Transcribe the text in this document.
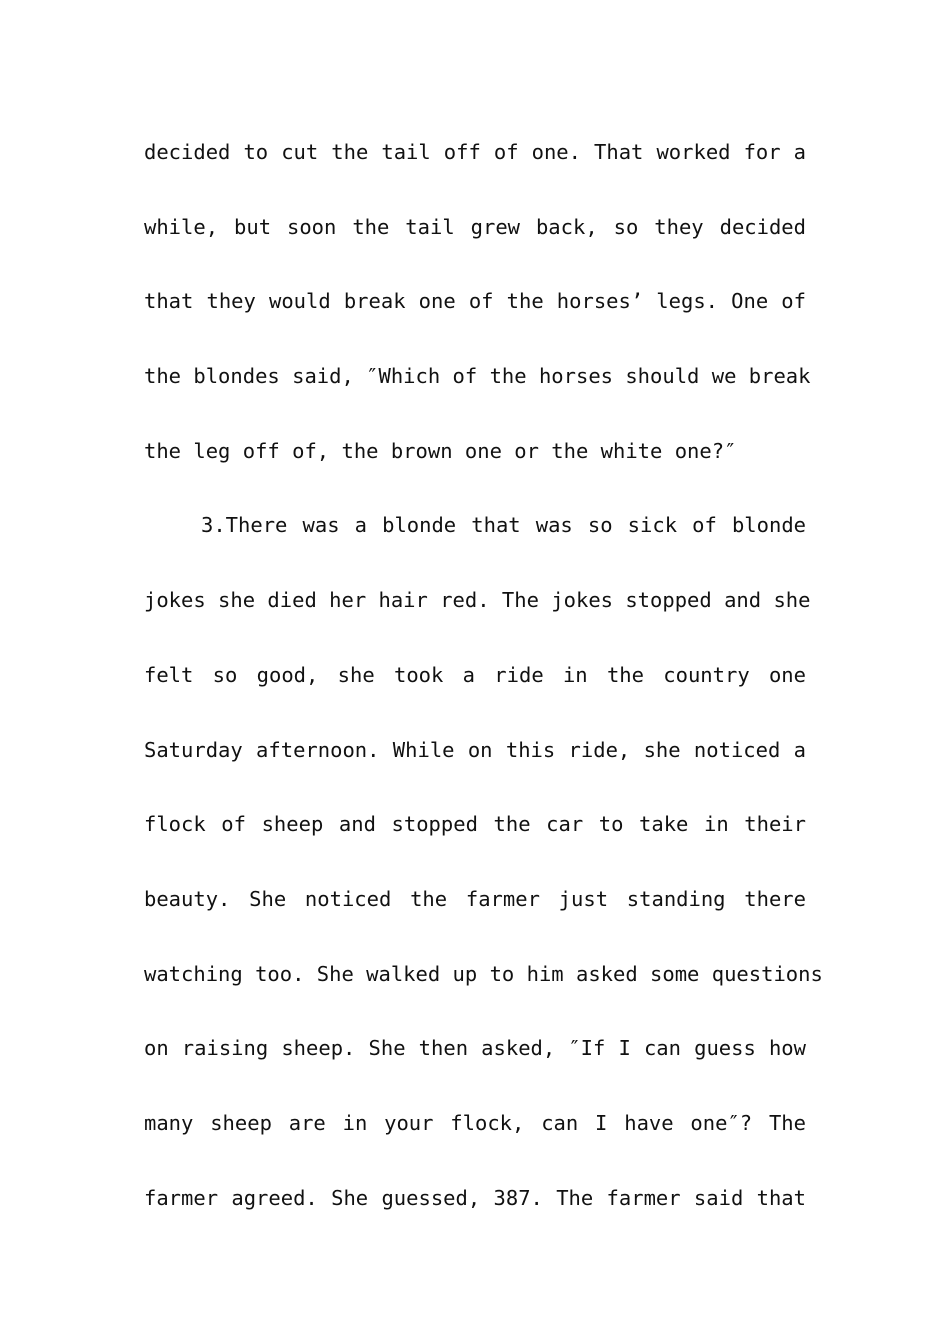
decided to cut the tail off of one. That worked for a
while, but soon the tail grew back, so they decided
that they would break one of the horses’ legs. One of
the blondes said, ″Which of the horses should we break
the leg off of, the brown one or the white one?″
3.There was a blonde that was so sick of blonde
jokes she died her hair red. The jokes stopped and she
felt so good, she took a ride in the country one
Saturday afternoon. While on this ride, she noticed a
flock of sheep and stopped the car to take in their
beauty. She noticed the farmer just standing there
watching too. She walked up to him asked some questions
on raising sheep. She then asked, ″If I can guess how
many sheep are in your flock, can I have one″? The
farmer agreed. She guessed, 387. The farmer said that
